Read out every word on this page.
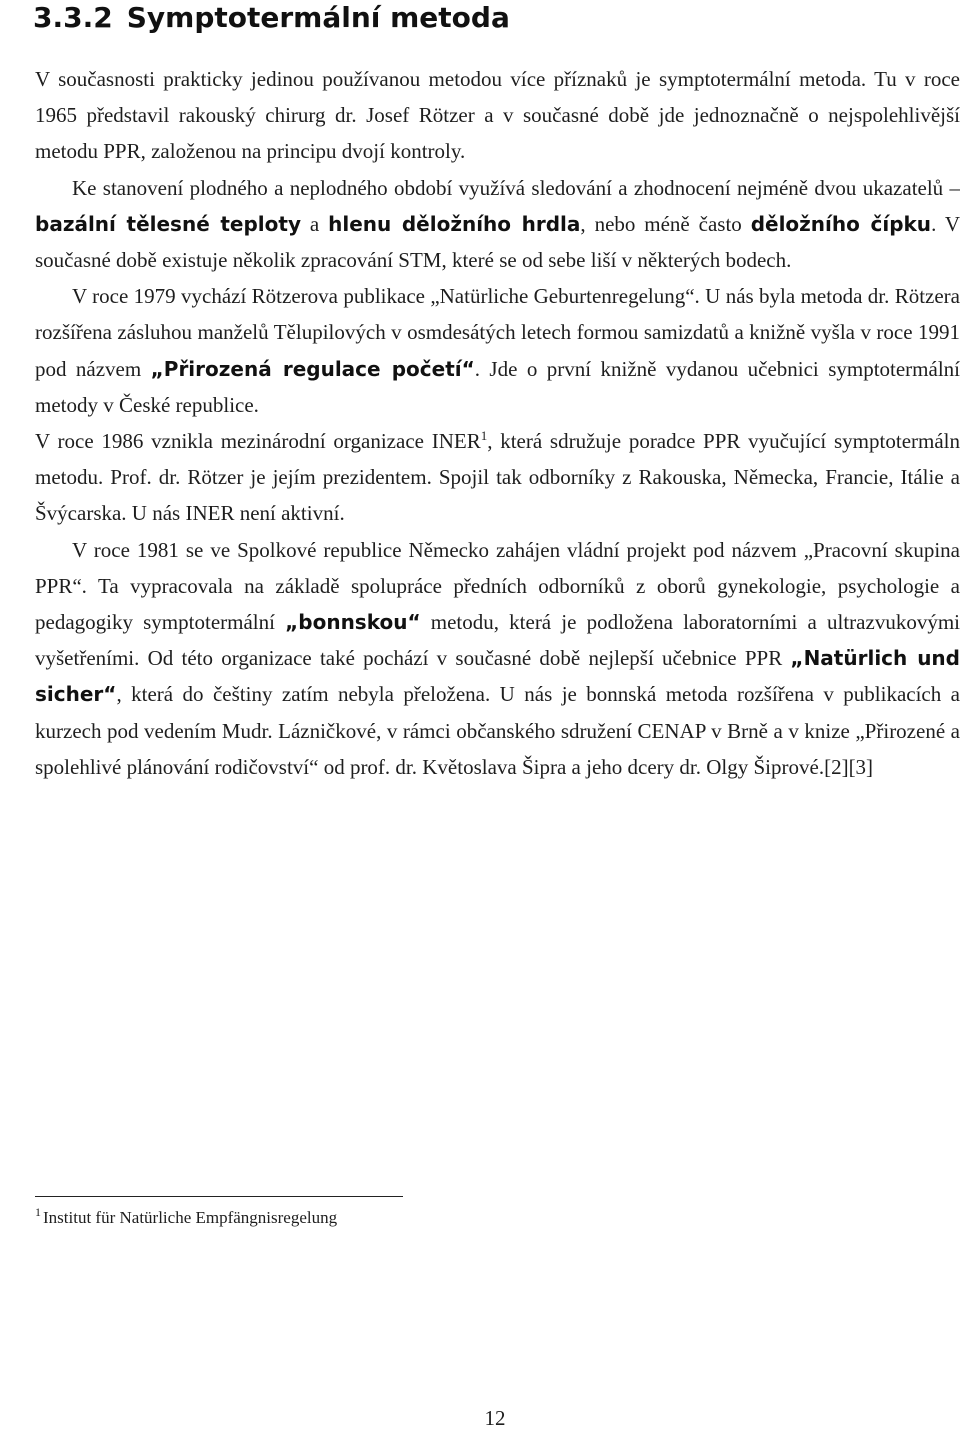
3.3.2 Symptotermální metoda

V současnosti prakticky jedinou používanou metodou více příznaků je symptotermální metoda. Tu v roce 1965 představil rakouský chirurg dr. Josef Rötzer a v současné době jde jednoznačně o nejspolehlivější metodu PPR, založenou na principu dvojí kontroly.

Ke stanovení plodného a neplodného období využívá sledování a zhodnocení nejméně dvou ukazatelů – bazální tělesné teploty a hlenu děložního hrdla, nebo méně často děložního čípku. V současné době existuje několik zpracování STM, které se od sebe liší v některých bodech.

V roce 1979 vychází Rötzerova publikace „Natürliche Geburtenregelung“. U nás byla metoda dr. Rötzera rozšířena zásluhou manželů Tělupilových v osmdesátých letech formou samizdatů a knižně vyšla v roce 1991 pod názvem „Přirozená regulace početí“. Jde o první knižně vydanou učebnici symptotermální metody v České republice.

V roce 1986 vznikla mezinárodní organizace INER$^1$, která sdružuje poradce PPR vyučující symptotermáln metodu. Prof. dr. Rötzer je jejím prezidentem. Spojil tak odborníky z Rakouska, Německa, Francie, Itálie a Švýcarska. U nás INER není aktivní.

V roce 1981 se ve Spolkové republice Německo zahájen vládní projekt pod názvem „Pracovní skupina PPR“. Ta vypracovala na základě spolupráce předních odborníků z oborů gynekologie, psychologie a pedagogiky symptotermální „bonnskou“ metodu, která je podložena laboratorními a ultrazvukovými vyšetřeními. Od této organizace také pochází v současné době nejlepší učebnice PPR „Natürlich und sicher“, která do češtiny zatím nebyla přeložena. U nás je bonnská metoda rozšířena v publikacích a kurzech pod vedením Mudr. Lázničkové, v rámci občanského sdružení CENAP v Brně a v knize „Přirozené a spolehlivé plánování rodičovství“ od prof. dr. Květoslava Šipra a jeho dcery dr. Olgy Šiprové.[2][3]

$^1$ Institut für Natürliche Empfängnisregelung
12
